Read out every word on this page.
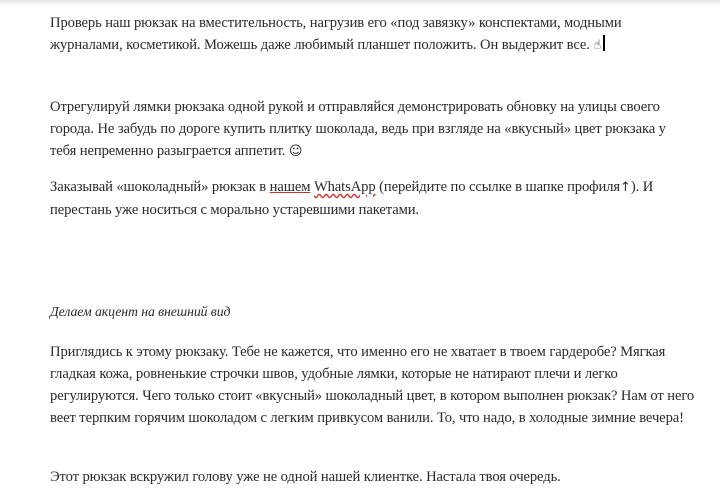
Проверь наш рюкзак на вместительность, нагрузив его «под завязку» конспектами, модными журналами, косметикой. Можешь даже любимый планшет положить. Он выдержит все. ☝

Отрегулируй лямки рюкзака одной рукой и отправляйся демонстрировать обновку на улицы своего города. Не забудь по дороге купить плитку шоколада, ведь при взгляде на «вкусный» цвет рюкзака у тебя непременно разыграется аппетит. ☺

Заказывай «шоколадный» рюкзак в нашем WhatsApp (перейдите по ссылке в шапке профиля↑). И перестань уже носиться с морально устаревшими пакетами.

Делаем акцент на внешний вид

Приглядись к этому рюкзаку. Тебе не кажется, что именно его не хватает в твоем гардеробе? Мягкая гладкая кожа, ровненькие строчки швов, удобные лямки, которые не натирают плечи и легко регулируются. Чего только стоит «вкусный» шоколадный цвет, в котором выполнен рюкзак? Нам от него веет терпким горячим шоколадом с легким привкусом ванили. То, что надо, в холодные зимние вечера!

Этот рюкзак вскружил голову уже не одной нашей клиентке. Настала твоя очередь.
